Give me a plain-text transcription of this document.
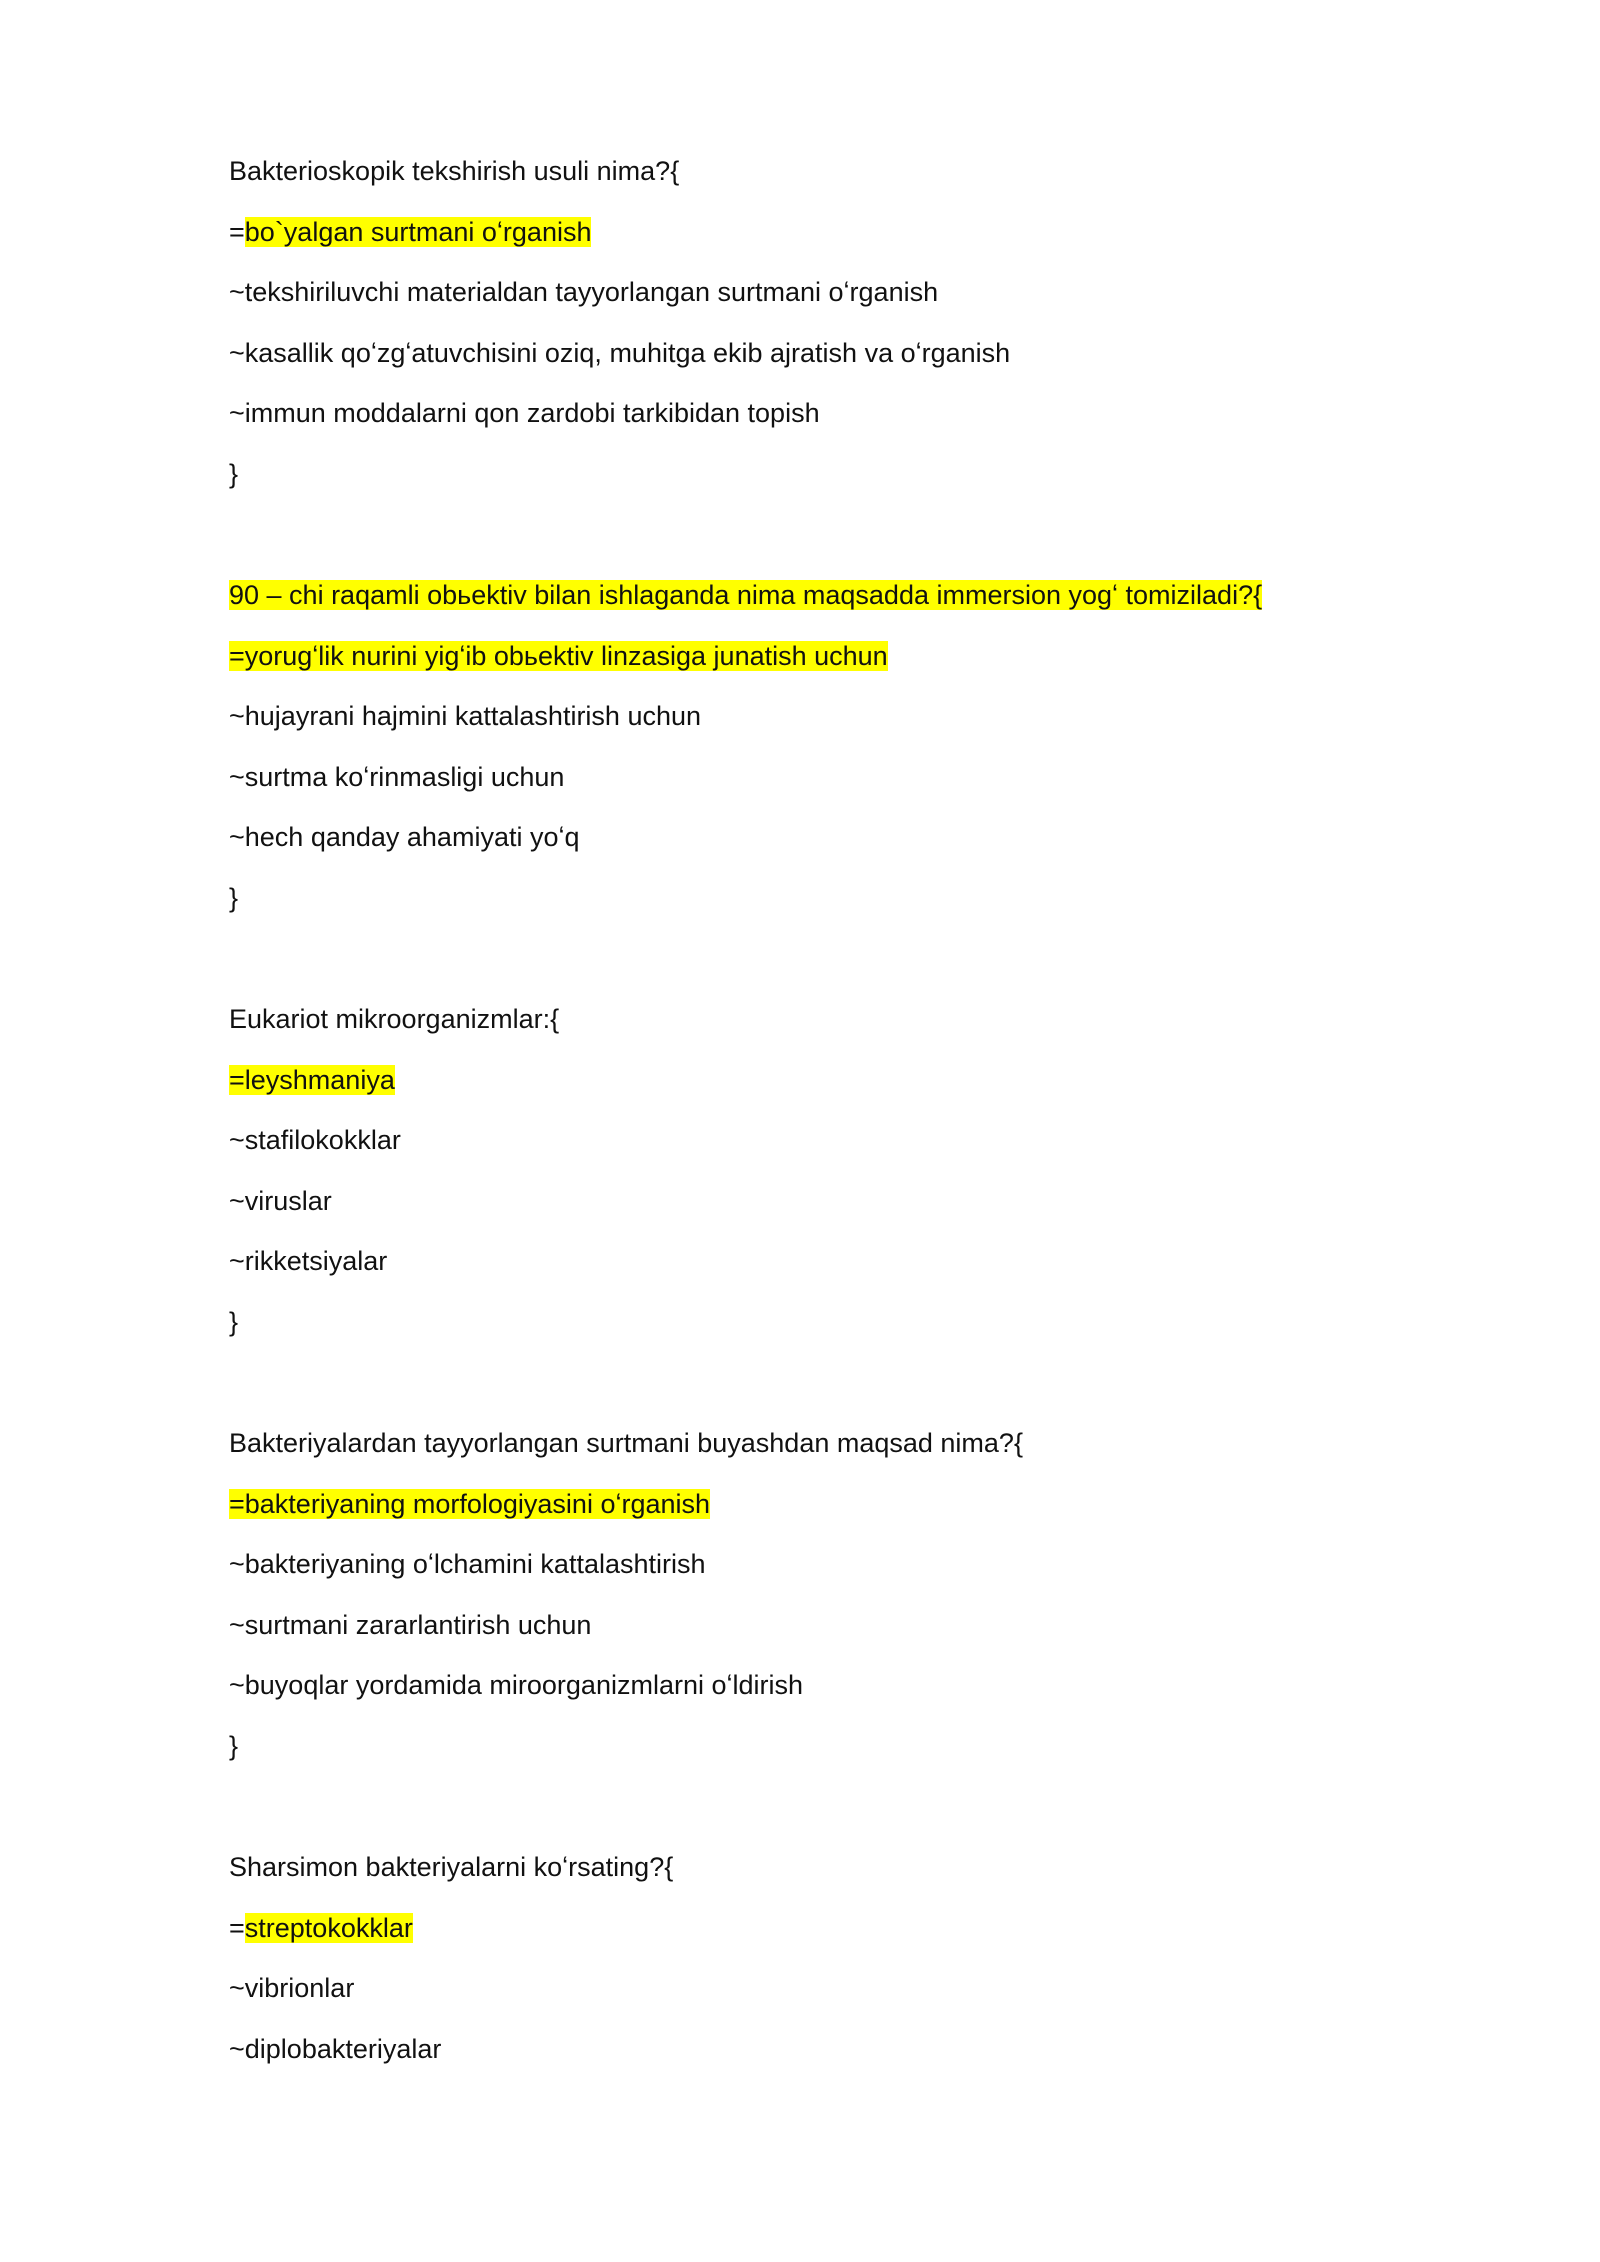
Bakterioskopik tekshirish usuli nima?{
=bo`yalgan surtmani oʻrganish
~tekshiriluvchi materialdan tayyorlangan surtmani oʻrganish
~kasallik qoʻzgʻatuvchisini oziq, muhitga ekib ajratish va oʻrganish
~immun moddalarni qon zardobi tarkibidan topish
}
90 – chi raqamli obьektiv bilan ishlaganda nima maqsadda immersion yogʻ tomiziladi?{
=yorugʻlik nurini yigʻib obьektiv linzasiga junatish uchun
~hujayrani hajmini kattalashtirish uchun
~surtma koʻrinmasligi uchun
~hech qanday ahamiyati yoʻq
}
Eukariot mikroorganizmlar:{
=leyshmaniya
~stafilokokklar
~viruslar
~rikketsiyalar
}
Bakteriyalardan tayyorlangan surtmani buyashdan maqsad nima?{
=bakteriyaning morfologiyasini oʻrganish
~bakteriyaning oʻlchamini kattalashtirish
~surtmani zararlantirish uchun
~buyoqlar yordamida miroorganizmlarni oʻldirish
}
Sharsimon bakteriyalarni koʻrsating?{
=streptokokklar
~vibrionlar
~diplobakteriyalar
